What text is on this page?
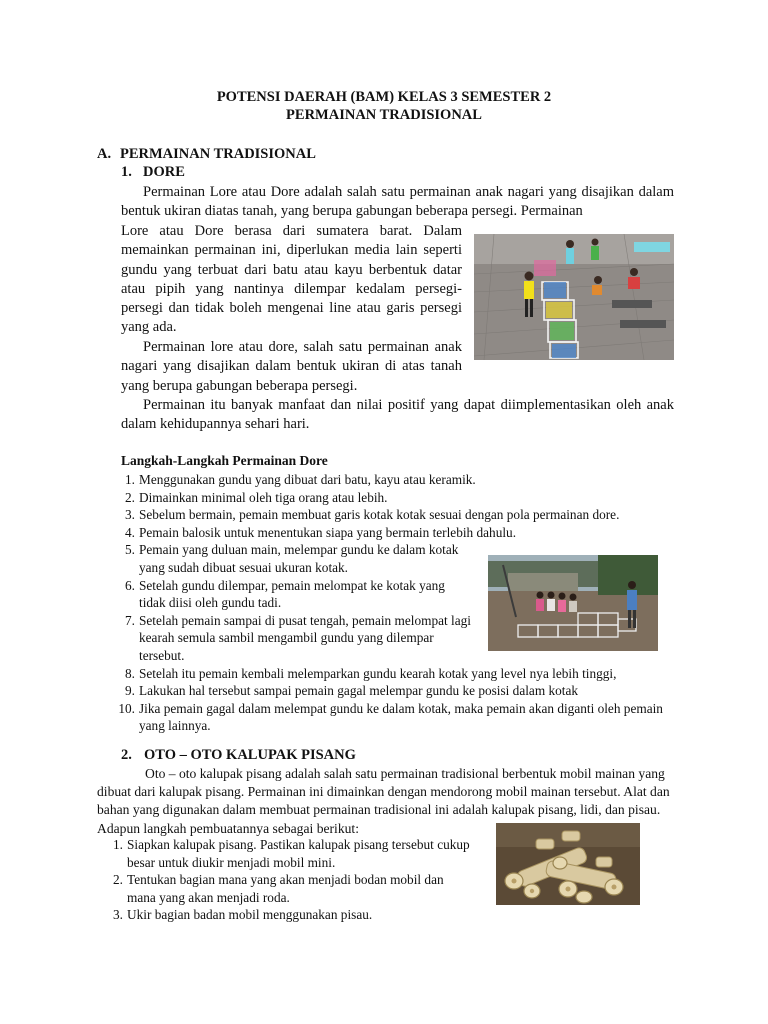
POTENSI DAERAH (BAM) KELAS 3 SEMESTER 2
PERMAINAN TRADISIONAL
A. PERMAINAN TRADISIONAL
1. DORE
Permainan Lore atau Dore adalah salah satu permainan anak nagari yang disajikan dalam bentuk ukiran diatas tanah, yang berupa gabungan beberapa persegi. Permainan
Lore atau Dore berasa dari sumatera barat. Dalam memainkan permainan ini, diperlukan media lain seperti gundu yang terbuat dari batu atau kayu berbentuk datar atau pipih yang nantinya dilempar kedalam persegi-persegi dan tidak boleh mengenai line atau garis persegi yang ada.
Permainan lore atau dore, salah satu permainan anak nagari yang disajikan dalam bentuk ukiran di atas tanah yang berupa gabungan beberapa persegi.
Permainan itu banyak manfaat dan nilai positif yang dapat diimplementasikan oleh anak dalam kehidupannya sehari hari.
Langkah-Langkah Permainan Dore
1. Menggunakan gundu yang dibuat dari batu, kayu atau keramik.
2. Dimainkan minimal oleh tiga orang atau lebih.
3. Sebelum bermain, pemain membuat garis kotak kotak sesuai dengan pola permainan dore.
4. Pemain balosik untuk menentukan siapa yang bermain terlebih dahulu.
5. Pemain yang duluan main, melempar gundu ke dalam kotak yang sudah dibuat sesuai ukuran kotak.
6. Setelah gundu dilempar, pemain melompat ke kotak yang tidak diisi oleh gundu tadi.
7. Setelah pemain sampai di pusat tengah, pemain melompat lagi kearah semula sambil mengambil gundu yang dilempar tersebut.
8. Setelah itu pemain kembali melemparkan gundu kearah kotak yang level nya lebih tinggi,
9. Lakukan hal tersebut sampai pemain gagal melempar gundu ke posisi dalam kotak
10. Jika pemain gagal dalam melempat gundu ke dalam kotak, maka pemain akan diganti oleh pemain yang lainnya.
2. OTO – OTO KALUPAK PISANG
Oto – oto kalupak pisang adalah salah satu permainan tradisional berbentuk mobil mainan yang dibuat dari kalupak pisang. Permainan ini dimainkan dengan mendorong mobil mainan tersebut. Alat dan bahan yang digunakan dalam membuat permainan tradisional ini adalah kalupak pisang, lidi, dan pisau. Adapun langkah pembuatannya sebagai berikut:
1. Siapkan kalupak pisang. Pastikan kalupak pisang tersebut cukup besar untuk diukir menjadi mobil mini.
2. Tentukan bagian mana yang akan menjadi bodan mobil dan mana yang akan menjadi roda.
3. Ukir bagian badan mobil menggunakan pisau.
